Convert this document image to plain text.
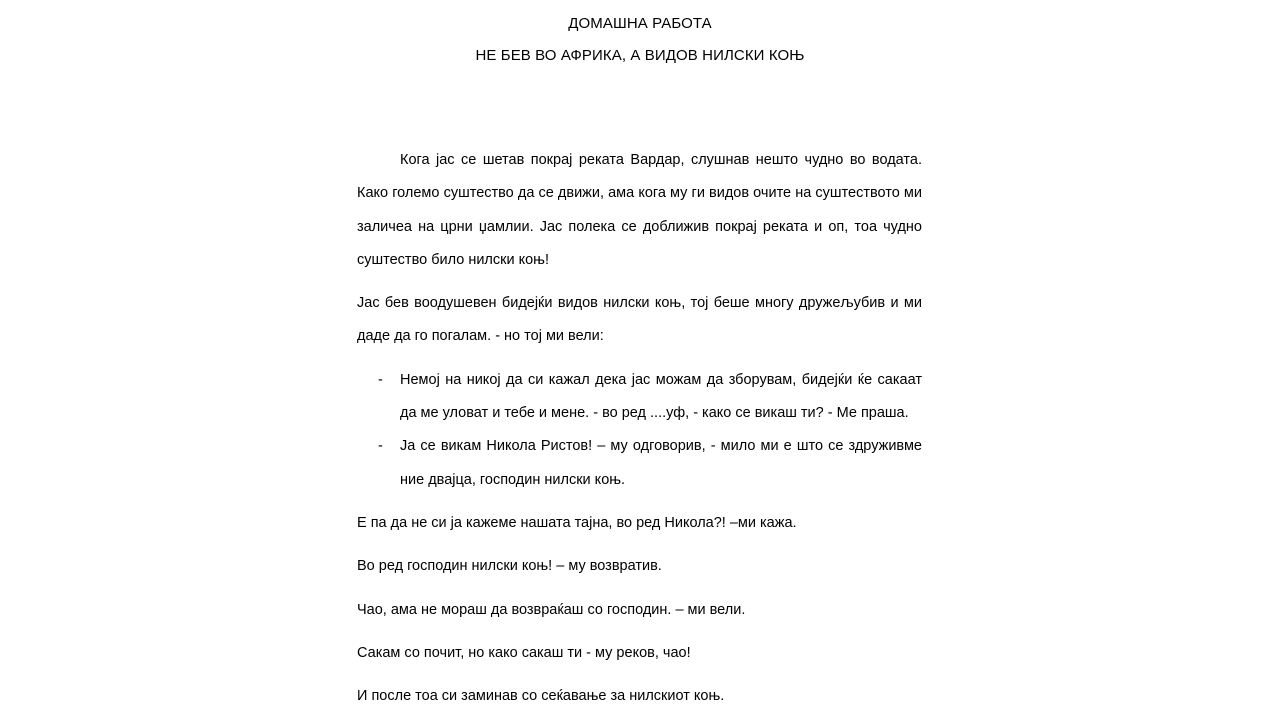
ДОМАШНА РАБОТА
НЕ БЕВ ВО АФРИКА, А ВИДОВ НИЛСКИ КОЊ

Кога јас се шетав покрај реката Вардар, слушнав нешто чудно во водата. Како големо суштество да се движи, ама кога му ги видов очите на суштеството ми заличеа на црни џамлии. Јас полека се доближив покрај реката и оп, тоа чудно суштество било нилски коњ!

Јас бев воодушевен бидејќи видов нилски коњ, тој беше многу дружељубив и ми даде да го погалам. - но тој ми вели:

- Немој на никој да си кажал дека јас можам да зборувам, бидејќи ќе сакаат да ме уловат и тебе и мене. - во ред ....уф, - како се викаш ти? - Ме праша.
- Ја се викам Никола Ристов! – му одговорив, - мило ми е што се здруживме ние двајца, господин нилски коњ.

Е па да не си ја кажеме нашата тајна, во ред Никола?! –ми кажа.

Во ред господин нилски коњ! – му возвратив.

Чао, ама не мораш да возвраќаш со господин. – ми вели.

Сакам со почит, но како сакаш ти - му реков, чао!

И после тоа си заминав со сеќавање за нилскиот коњ.
